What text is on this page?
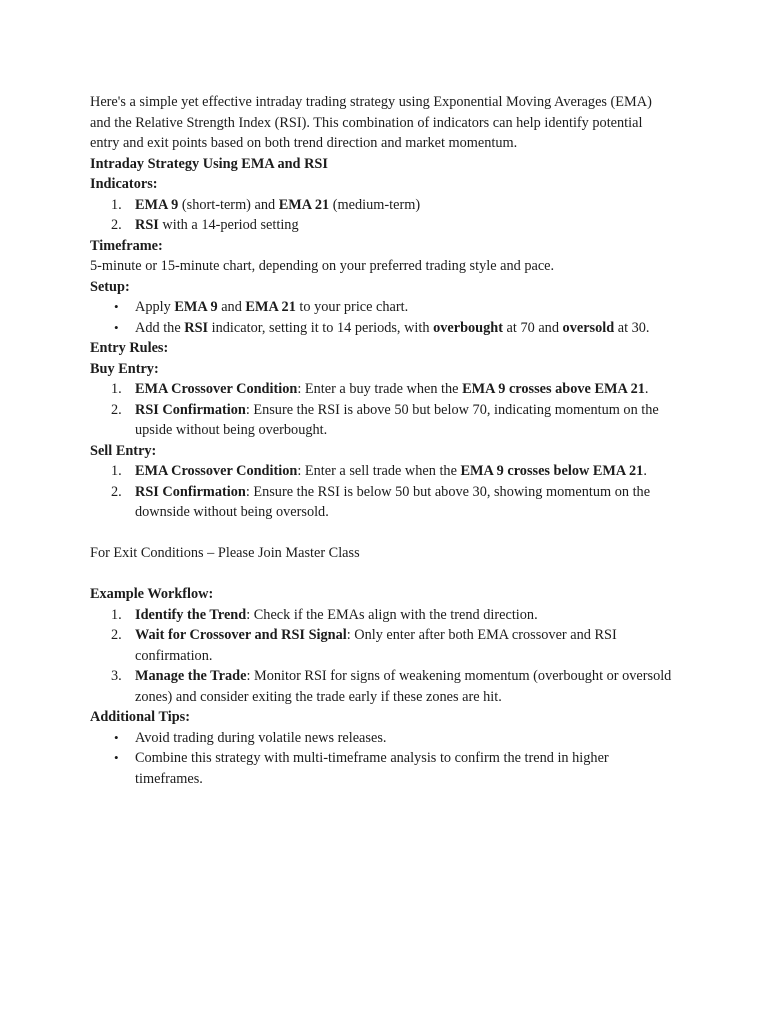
Here's a simple yet effective intraday trading strategy using Exponential Moving Averages (EMA) and the Relative Strength Index (RSI). This combination of indicators can help identify potential entry and exit points based on both trend direction and market momentum.

Intraday Strategy Using EMA and RSI

Indicators:

1. EMA 9 (short-term) and EMA 21 (medium-term)
2. RSI with a 14-period setting

Timeframe:

5-minute or 15-minute chart, depending on your preferred trading style and pace.

Setup:

• Apply EMA 9 and EMA 21 to your price chart.
• Add the RSI indicator, setting it to 14 periods, with overbought at 70 and oversold at 30.

Entry Rules:

Buy Entry:

1. EMA Crossover Condition: Enter a buy trade when the EMA 9 crosses above EMA 21.
2. RSI Confirmation: Ensure the RSI is above 50 but below 70, indicating momentum on the upside without being overbought.

Sell Entry:

1. EMA Crossover Condition: Enter a sell trade when the EMA 9 crosses below EMA 21.
2. RSI Confirmation: Ensure the RSI is below 50 but above 30, showing momentum on the downside without being oversold.

For Exit Conditions – Please Join Master Class

Example Workflow:

1. Identify the Trend: Check if the EMAs align with the trend direction.
2. Wait for Crossover and RSI Signal: Only enter after both EMA crossover and RSI confirmation.
3. Manage the Trade: Monitor RSI for signs of weakening momentum (overbought or oversold zones) and consider exiting the trade early if these zones are hit.

Additional Tips:

• Avoid trading during volatile news releases.
• Combine this strategy with multi-timeframe analysis to confirm the trend in higher timeframes.
